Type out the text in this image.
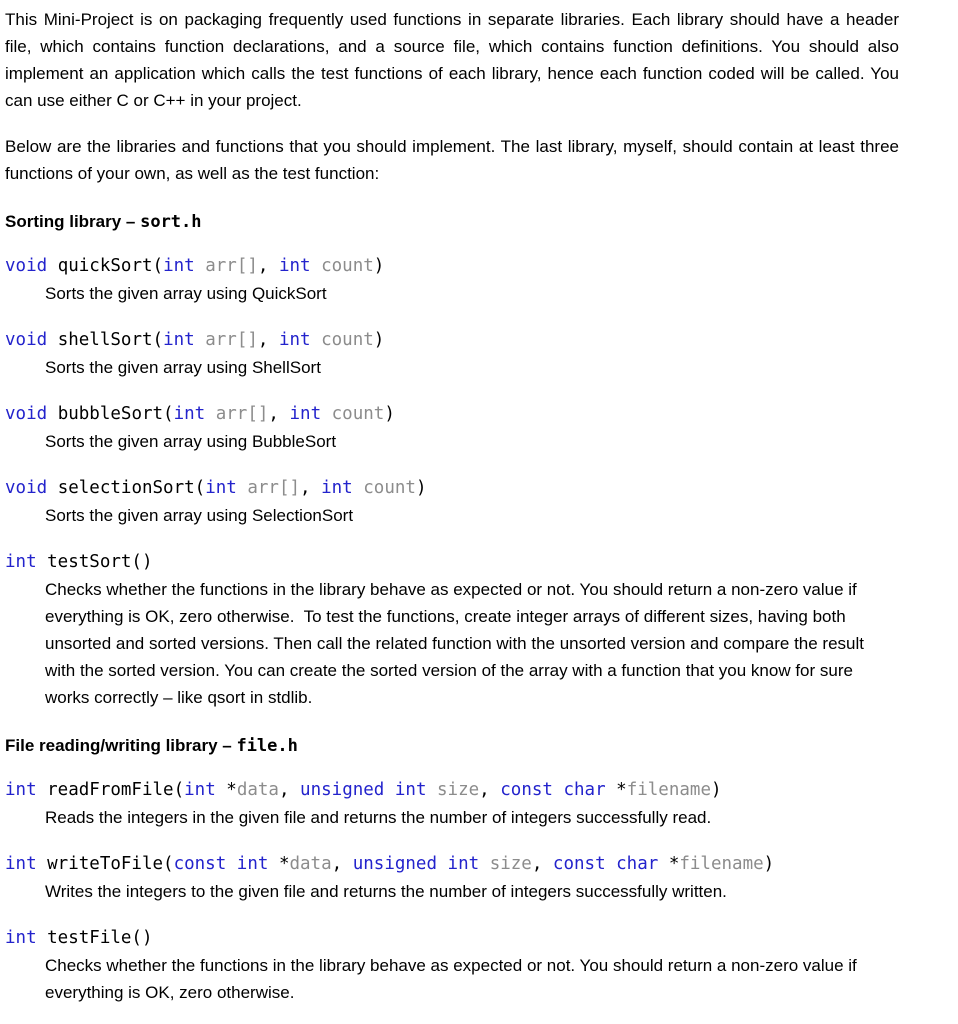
This Mini-Project is on packaging frequently used functions in separate libraries. Each library should have a header file, which contains function declarations, and a source file, which contains function definitions. You should also implement an application which calls the test functions of each library, hence each function coded will be called. You can use either C or C++ in your project.

Below are the libraries and functions that you should implement. The last library, myself, should contain at least three functions of your own, as well as the test function:

Sorting library – sort.h
void quickSort(int arr[], int count)
Sorts the given array using QuickSort
void shellSort(int arr[], int count)
Sorts the given array using ShellSort
void bubbleSort(int arr[], int count)
Sorts the given array using BubbleSort
void selectionSort(int arr[], int count)
Sorts the given array using SelectionSort
int testSort()
Checks whether the functions in the library behave as expected or not. You should return a non-zero value if everything is OK, zero otherwise.  To test the functions, create integer arrays of different sizes, having both unsorted and sorted versions. Then call the related function with the unsorted version and compare the result with the sorted version. You can create the sorted version of the array with a function that you know for sure works correctly – like qsort in stdlib.
File reading/writing library – file.h
int readFromFile(int *data, unsigned int size, const char *filename)
Reads the integers in the given file and returns the number of integers successfully read.
int writeToFile(const int *data, unsigned int size, const char *filename)
Writes the integers to the given file and returns the number of integers successfully written.
int testFile()
Checks whether the functions in the library behave as expected or not. You should return a non-zero value if everything is OK, zero otherwise.
